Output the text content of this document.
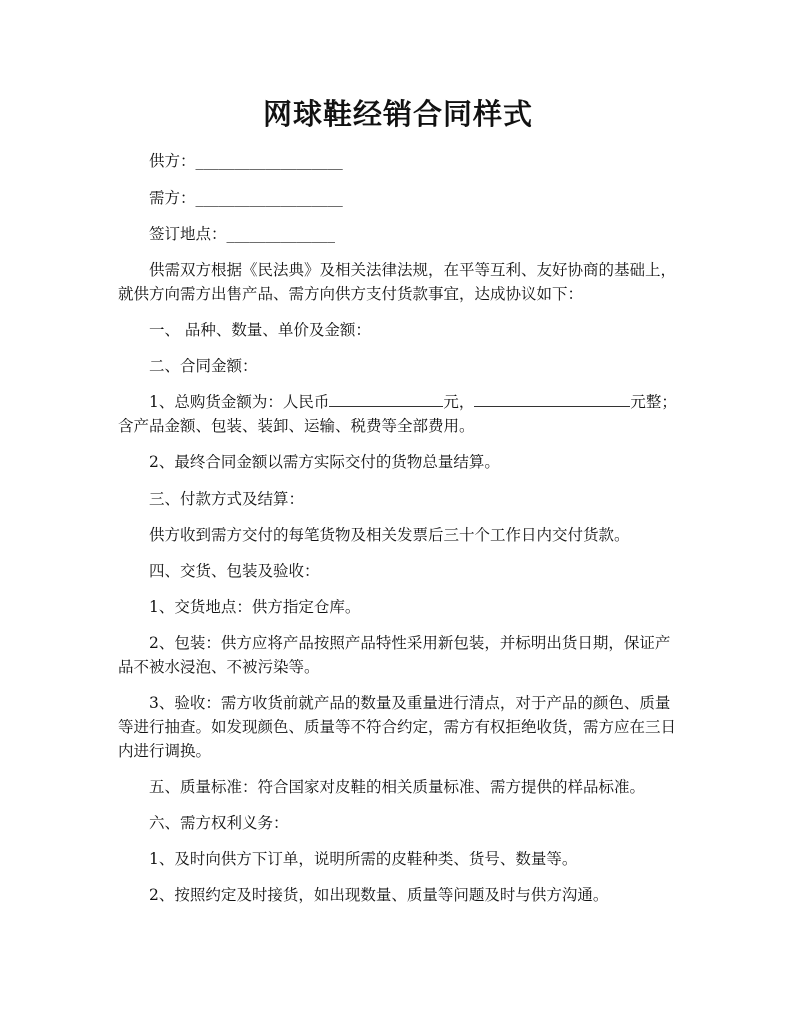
网球鞋经销合同样式
供方：___________________
需方：___________________
签订地点：______________
供需双方根据《民法典》及相关法律法规，在平等互利、友好协商的基础上，
就供方向需方出售产品、需方向供方支付货款事宜，达成协议如下：
一、 品种、数量、单价及金额：
二、合同金额：
1、总购货金额为：人民币	元，	元整；
含产品金额、包装、装卸、运输、税费等全部费用。
2、最终合同金额以需方实际交付的货物总量结算。
三、付款方式及结算：
供方收到需方交付的每笔货物及相关发票后三十个工作日内交付货款。
四、交货、包装及验收：
1、交货地点：供方指定仓库。
2、包装：供方应将产品按照产品特性采用新包装，并标明出货日期，保证产
品不被水浸泡、不被污染等。
3、验收：需方收货前就产品的数量及重量进行清点，对于产品的颜色、质量
等进行抽查。如发现颜色、质量等不符合约定，需方有权拒绝收货，需方应在三日
内进行调换。
五、质量标准：符合国家对皮鞋的相关质量标准、需方提供的样品标准。
六、需方权利义务：
1、及时向供方下订单，说明所需的皮鞋种类、货号、数量等。
2、按照约定及时接货，如出现数量、质量等问题及时与供方沟通。
